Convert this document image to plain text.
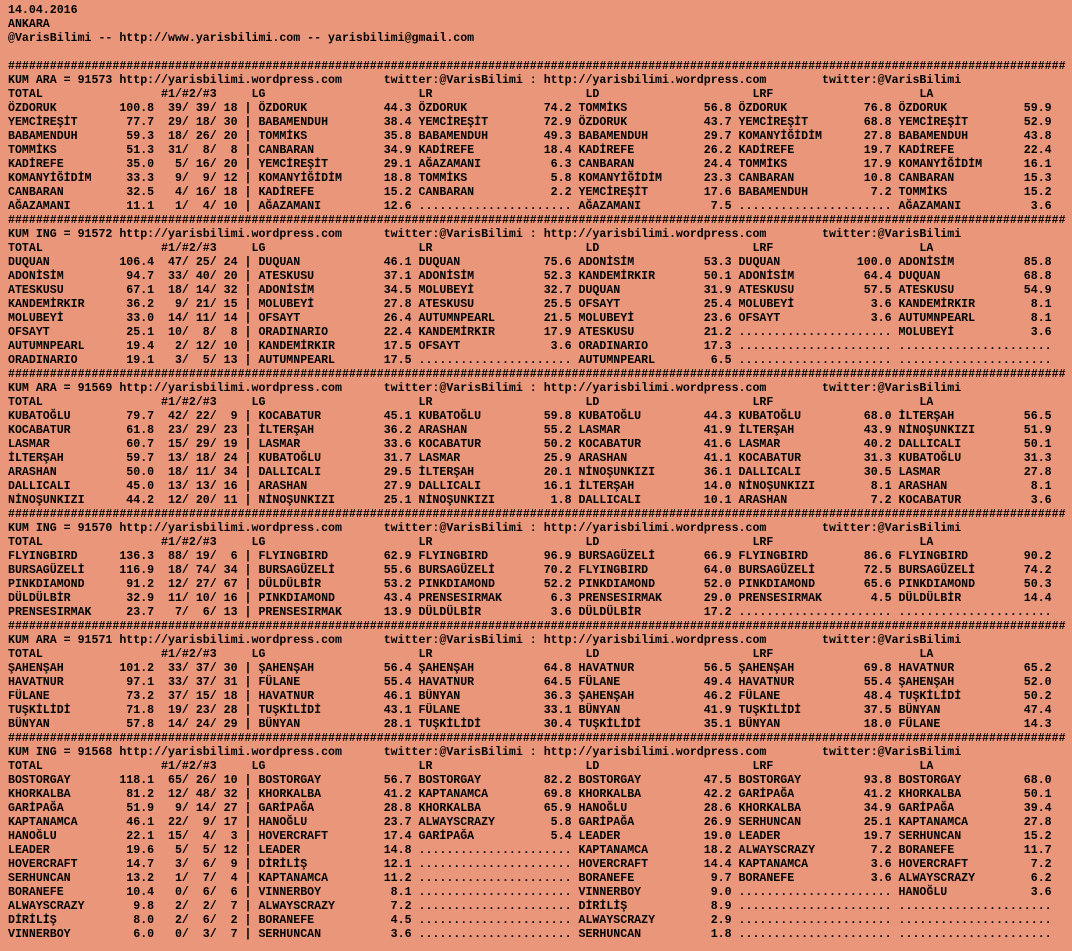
14.04.2016
ANKARA
@VarisBilimi -- http://www.yarisbilimi.com -- yarisbilimi@gmail.com
########################################################################################################################################################
KUM ARA = 91573 http://yarisbilimi.wordpress.com      twitter:@VarisBilimi : http://yarisbilimi.wordpress.com        twitter:@VarisBilimi
TOTAL                 #1/#2/#3     LG                      LR                      LD                      LRF                     LA
ÖZDORUK         100.8  39/ 39/ 18 | ÖZDORUK           44.3 ÖZDORUK           74.2 TOMMİKS           56.8 ÖZDORUK           76.8 ÖZDORUK           59.9
YEMCİREŞİT       77.7  29/ 18/ 30 | BABAMENDUH        38.4 YEMCİREŞİT        72.9 ÖZDORUK           43.7 YEMCİREŞİT        68.8 YEMCİREŞİT        52.9
BABAMENDUH       59.3  18/ 26/ 20 | TOMMİKS           35.8 BABAMENDUH        49.3 BABAMENDUH        29.7 KOMANYİĞİDİM      27.8 BABAMENDUH        43.8
TOMMİKS          51.3  31/  8/  8 | CANBARAN          34.9 KADİREFE          18.4 KADİREFE          26.2 KADİREFE          19.7 KADİREFE          22.4
KADİREFE         35.0   5/ 16/ 20 | YEMCİREŞİT        29.1 AĞAZAMANI          6.3 CANBARAN          24.4 TOMMİKS           17.9 KOMANYİĞİDİM      16.1
KOMANYİĞİDİM     33.3   9/  9/ 12 | KOMANYİĞİDİM      18.8 TOMMİKS            5.8 KOMANYİĞİDİM      23.3 CANBARAN          10.8 CANBARAN          15.3
CANBARAN         32.5   4/ 16/ 18 | KADİREFE          15.2 CANBARAN           2.2 YEMCİREŞİT        17.6 BABAMENDUH         7.2 TOMMİKS           15.2
AĞAZAMANI        11.1   1/  4/ 10 | AĞAZAMANI         12.6 ...................... AĞAZAMANI          7.5 ...................... AĞAZAMANI          3.6
########################################################################################################################################################
KUM ING = 91572 http://yarisbilimi.wordpress.com      twitter:@VarisBilimi : http://yarisbilimi.wordpress.com        twitter:@VarisBilimi
TOTAL                 #1/#2/#3     LG                      LR                      LD                      LRF                     LA
DUQUAN          106.4  47/ 25/ 24 | DUQUAN            46.1 DUQUAN            75.6 ADONİSİM          53.3 DUQUAN           100.0 ADONİSİM          85.8
ADONİSİM         94.7  33/ 40/ 20 | ATESKUSU          37.1 ADONİSİM          52.3 KANDEMİRKIR       50.1 ADONİSİM          64.4 DUQUAN            68.8
ATESKUSU         67.1  18/ 14/ 32 | ADONİSİM          34.5 MOLUBEYİ          32.7 DUQUAN            31.9 ATESKUSU          57.5 ATESKUSU          54.9
KANDEMİRKIR      36.2   9/ 21/ 15 | MOLUBEYİ          27.8 ATESKUSU          25.5 OFSAYT            25.4 MOLUBEYİ           3.6 KANDEMİRKIR        8.1
MOLUBEYİ         33.0  14/ 11/ 14 | OFSAYT            26.4 AUTUMNPEARL       21.5 MOLUBEYİ          23.6 OFSAYT             3.6 AUTUMNPEARL        8.1
OFSAYT           25.1  10/  8/  8 | ORADINARIO        22.4 KANDEMİRKIR       17.9 ATESKUSU          21.2 ...................... MOLUBEYİ           3.6
AUTUMNPEARL      19.4   2/ 12/ 10 | KANDEMİRKIR       17.5 OFSAYT             3.6 ORADINARIO        17.3 ...................... ......................
ORADINARIO       19.1   3/  5/ 13 | AUTUMNPEARL       17.5 ...................... AUTUMNPEARL        6.5 ...................... ......................
########################################################################################################################################################
KUM ARA = 91569 http://yarisbilimi.wordpress.com      twitter:@VarisBilimi : http://yarisbilimi.wordpress.com        twitter:@VarisBilimi
TOTAL                 #1/#2/#3     LG                      LR                      LD                      LRF                     LA
KUBATOĞLU        79.7  42/ 22/  9 | KOCABATUR         45.1 KUBATOĞLU         59.8 KUBATOĞLU         44.3 KUBATOĞLU         68.0 İLTERŞAH          56.5
KOCABATUR        61.8  23/ 29/ 23 | İLTERŞAH          36.2 ARASHAN           55.2 LASMAR            41.9 İLTERŞAH          43.9 NİNOŞUNKIZI       51.9
LASMAR           60.7  15/ 29/ 19 | LASMAR            33.6 KOCABATUR         50.2 KOCABATUR         41.6 LASMAR            40.2 DALLICALI         50.1
İLTERŞAH         59.7  13/ 18/ 24 | KUBATOĞLU         31.7 LASMAR            25.9 ARASHAN           41.1 KOCABATUR         31.3 KUBATOĞLU         31.3
ARASHAN          50.0  18/ 11/ 34 | DALLICALI         29.5 İLTERŞAH          20.1 NİNOŞUNKIZI       36.1 DALLICALI         30.5 LASMAR            27.8
DALLICALI        45.0  13/ 13/ 16 | ARASHAN           27.9 DALLICALI         16.1 İLTERŞAH          14.0 NİNOŞUNKIZI        8.1 ARASHAN            8.1
NİNOŞUNKIZI      44.2  12/ 20/ 11 | NİNOŞUNKIZI       25.1 NİNOŞUNKIZI        1.8 DALLICALI         10.1 ARASHAN            7.2 KOCABATUR          3.6
########################################################################################################################################################
KUM ING = 91570 http://yarisbilimi.wordpress.com      twitter:@VarisBilimi : http://yarisbilimi.wordpress.com        twitter:@VarisBilimi
TOTAL                 #1/#2/#3     LG                      LR                      LD                      LRF                     LA
FLYINGBIRD      136.3  88/ 19/  6 | FLYINGBIRD        62.9 FLYINGBIRD        96.9 BURSAGÜZELİ       66.9 FLYINGBIRD        86.6 FLYINGBIRD        90.2
BURSAGÜZELİ     116.9  18/ 74/ 34 | BURSAGÜZELİ       55.6 BURSAGÜZELİ       70.2 FLYINGBIRD        64.0 BURSAGÜZELİ       72.5 BURSAGÜZELİ       74.2
PINKDIAMOND      91.2  12/ 27/ 67 | DÜLDÜLBİR         53.2 PINKDIAMOND       52.2 PINKDIAMOND       52.0 PINKDIAMOND       65.6 PINKDIAMOND       50.3
DÜLDÜLBİR        32.9  11/ 10/ 16 | PINKDIAMOND       43.4 PRENSESIRMAK       6.3 PRENSESIRMAK      29.0 PRENSESIRMAK       4.5 DÜLDÜLBİR         14.4
PRENSESIRMAK     23.7   7/  6/ 13 | PRENSESIRMAK      13.9 DÜLDÜLBİR          3.6 DÜLDÜLBİR         17.2 ...................... ......................
########################################################################################################################################################
KUM ARA = 91571 http://yarisbilimi.wordpress.com      twitter:@VarisBilimi : http://yarisbilimi.wordpress.com        twitter:@VarisBilimi
TOTAL                 #1/#2/#3     LG                      LR                      LD                      LRF                     LA
ŞAHENŞAH        101.2  33/ 37/ 30 | ŞAHENŞAH          56.4 ŞAHENŞAH          64.8 HAVATNUR          56.5 ŞAHENŞAH          69.8 HAVATNUR          65.2
HAVATNUR         97.1  33/ 37/ 31 | FÜLANE            55.4 HAVATNUR          64.5 FÜLANE            49.4 HAVATNUR          55.4 ŞAHENŞAH          52.0
FÜLANE           73.2  37/ 15/ 18 | HAVATNUR          46.1 BÜNYAN            36.3 ŞAHENŞAH          46.2 FÜLANE            48.4 TUŞKİLİDİ         50.2
TUŞKİLİDİ        71.8  19/ 23/ 28 | TUŞKİLİDİ         43.1 FÜLANE            33.1 BÜNYAN            41.9 TUŞKİLİDİ         37.5 BÜNYAN            47.4
BÜNYAN           57.8  14/ 24/ 29 | BÜNYAN            28.1 TUŞKİLİDİ         30.4 TUŞKİLİDİ         35.1 BÜNYAN            18.0 FÜLANE            14.3
########################################################################################################################################################
KUM ING = 91568 http://yarisbilimi.wordpress.com      twitter:@VarisBilimi : http://yarisbilimi.wordpress.com        twitter:@VarisBilimi
TOTAL                 #1/#2/#3     LG                      LR                      LD                      LRF                     LA
BOSTORGAY       118.1  65/ 26/ 10 | BOSTORGAY         56.7 BOSTORGAY         82.2 BOSTORGAY         47.5 BOSTORGAY         93.8 BOSTORGAY         68.0
KHORKALBA        81.2  12/ 48/ 32 | KHORKALBA         41.2 KAPTANAMCA        69.8 KHORKALBA         42.2 GARİPAĞA          41.2 KHORKALBA         50.1
GARİPAĞA         51.9   9/ 14/ 27 | GARİPAĞA          28.8 KHORKALBA         65.9 HANOĞLU           28.6 KHORKALBA         34.9 GARİPAĞA          39.4
KAPTANAMCA       46.1  22/  9/ 17 | HANOĞLU           23.7 ALWAYSCRAZY        5.8 GARİPAĞA          26.9 SERHUNCAN         25.1 KAPTANAMCA        27.8
HANOĞLU          22.1  15/  4/  3 | HOVERCRAFT        17.4 GARİPAĞA           5.4 LEADER            19.0 LEADER            19.7 SERHUNCAN         15.2
LEADER           19.6   5/  5/ 12 | LEADER            14.8 ...................... KAPTANAMCA        18.2 ALWAYSCRAZY        7.2 BORANEFE          11.7
HOVERCRAFT       14.7   3/  6/  9 | DİRİLİŞ           12.1 ...................... HOVERCRAFT        14.4 KAPTANAMCA         3.6 HOVERCRAFT         7.2
SERHUNCAN        13.2   1/  7/  4 | KAPTANAMCA        11.2 ...................... BORANEFE           9.7 BORANEFE           3.6 ALWAYSCRAZY        6.2
BORANEFE         10.4   0/  6/  6 | VINNERBOY          8.1 ...................... VINNERBOY          9.0 ...................... HANOĞLU            3.6
ALWAYSCRAZY       9.8   2/  2/  7 | ALWAYSCRAZY        7.2 ...................... DİRİLİŞ            8.9 ...................... ......................
DİRİLİŞ           8.0   2/  6/  2 | BORANEFE           4.5 ...................... ALWAYSCRAZY        2.9 ...................... ......................
VINNERBOY         6.0   0/  3/  7 | SERHUNCAN          3.6 ...................... SERHUNCAN          1.8 ...................... ......................
